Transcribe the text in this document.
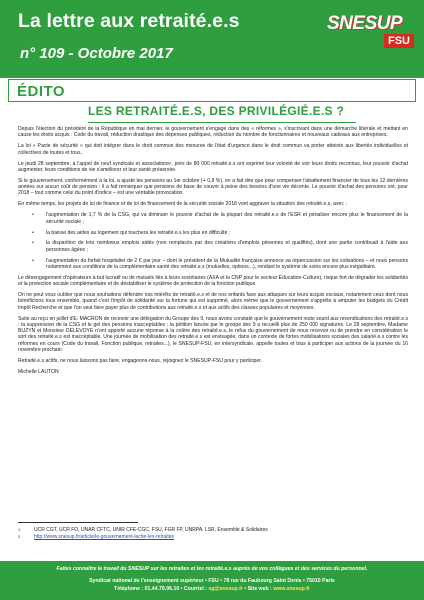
La lettre aux retraité.e.s
n° 109 - Octobre 2017
SNESUP
FSU
ÉDITO
LES RETRAITÉ.E.S, DES PRIVILÉGIÉ.E.S ?

Depuis l'élection du président de la République en mai dernier, le gouvernement s'engage dans des « réformes », s'inscrivant dans une démarche libérale et mettant en cause les droits acquis : Code du travail, réduction drastique des dépenses publiques, réduction du nombre de fonctionnaires et nouveaux cadeaux aux entreprises.

La loi « Pacte de sécurité » qui doit intégrer dans le droit commun des mesures de l'état d'urgence dans le droit commun va porter atteinte aux libertés individuelles et collectives de toutes et tous.

Le jeudi 28 septembre, à l'appel de neuf syndicats et associations¹, près de 80 000 retraité.e.s ont exprimé leur volonté de voir leurs droits reconnus, leur pouvoir d'achat augmenter, leurs conditions de vie s'améliorer et leur santé préservée.

Si le gouvernement, conformément à la loi, a ajusté les pensions au 1er octobre (+ 0,8 %), en a fait dire que pour compenser l'abattement financier de tous les 12 dernières années sur aucun coût de pension ; il a fait remarquer que pensions de base de couvrir à peine des besoins d'une vie décente. Le pouvoir d'achat des pensions ont, pour 2018 – tout comme celui du point d'indice – est une véritable provocation.

En même temps, les projets de loi de finance et de loi de financement de la sécurité sociale 2018 vont aggraver la situation des retraité.e.s, avec :

• l'augmentation de 1,7 % de la CSG, qui va diminuer le pouvoir d'achat de la plupart des retraité.e.s de l'ESR et pénaliser encore plus le financement de la sécurité sociale ;
• la baisse des aides au logement qui touchera les retraité.e.s les plus en difficulté ;
• la disparition de très nombreux emplois aidés (non remplacés par des créations d'emplois pérennes et qualifiés), dont une partie contribuait à l'aide aux personnes âgées ;
• l'augmentation du forfait hospitalier de 2 € par jour – dont le président de la Mutualité française annonce sa répercussion sur les cotisations – et nous pensons notamment aux conditions de la complémentaire santé des retraité.e.s (mutuelles, options...), rendant le système de soins encore plus inégalitaire.

Le désengagement d'opérateurs à but lucratif ou de mutuels liés à leurs sociétaires (AXA et la CNP pour le secteur Éducation-Culture), risque fort de dégrader les solidarités et la protection sociale complémentaire et de déstabiliser le système de protection de la fonction publique.

On ne peut vous oublier que nous souhaitons défendre nos intérêts de retraité.e.s et de nos enfants face aux attaques sur leurs acquis sociaux, notamment ceux dont nous bénéficions tous ensemble, quand c'est l'impôt de solidarité sur la fortune qui est supprimé, alors même que le gouvernement s'apprête à amputer les budgets du Crédit Impôt Recherche et que l'on veut faire payer plus de contributions aux retraité.e.s et aux actifs des classes populaires et moyennes.

Suite au reçu en juillet d'E. MACRON de recevoir une délégation du Groupe des 9, nous avons constaté que le gouvernement reste sourd aux revendications des retraité.e.s : la suppression de la CSG et le gel des pensions inacceptables ; la pétition lancée par le groupe des 9 a recueilli plus de 250 000 signatures. Le 28 septembre, Madame BUZYN et Monsieur DELEVOYE n'ont apporté aucune réponse à la colère des retraité.e.s, le refus du gouvernement de nous recevoir ou de prendre en considération le sort des retraité.e.s est inacceptable. Une journée de mobilisation des retraité.e.s est envisagée, dans un contexte de fortes mobilisations sociales des salarié.e.s contre les réformes en cours (Code du travail, Fonction publique, retraites...), le SNESUP-FSU, en intersyndicale, appelle toutes et tous à participer aux actions de la journée du 16 novembre prochain.

Retraité.e.s actifs, ne nous laissons pas faire, engageons-nous, rejoignez le SNESUP-FSU pour y participer.

Michelle LAUTON

1	UCR CGT, UCR FO, UNAR CFTC, UNIR CFE-CGC, FSU, FGR FP, UNRPA, LSR, Ensemble & Solidaires
2	http://www.snesup.fr/article/le-gouvernement-lache-les-retraites
Faites connaître le travail du SNESUP sur les retraites et les retraité.e.s auprès de vos collègues et des services du personnel.
Syndicat national de l'enseignement supérieur • FSU • 78 rue du Faubourg Saint Denis • 75010 Paris
Téléphone : 01.44.79.96.10 • Courriel : sg@snesup.fr • Site web : www.snesup.fr
